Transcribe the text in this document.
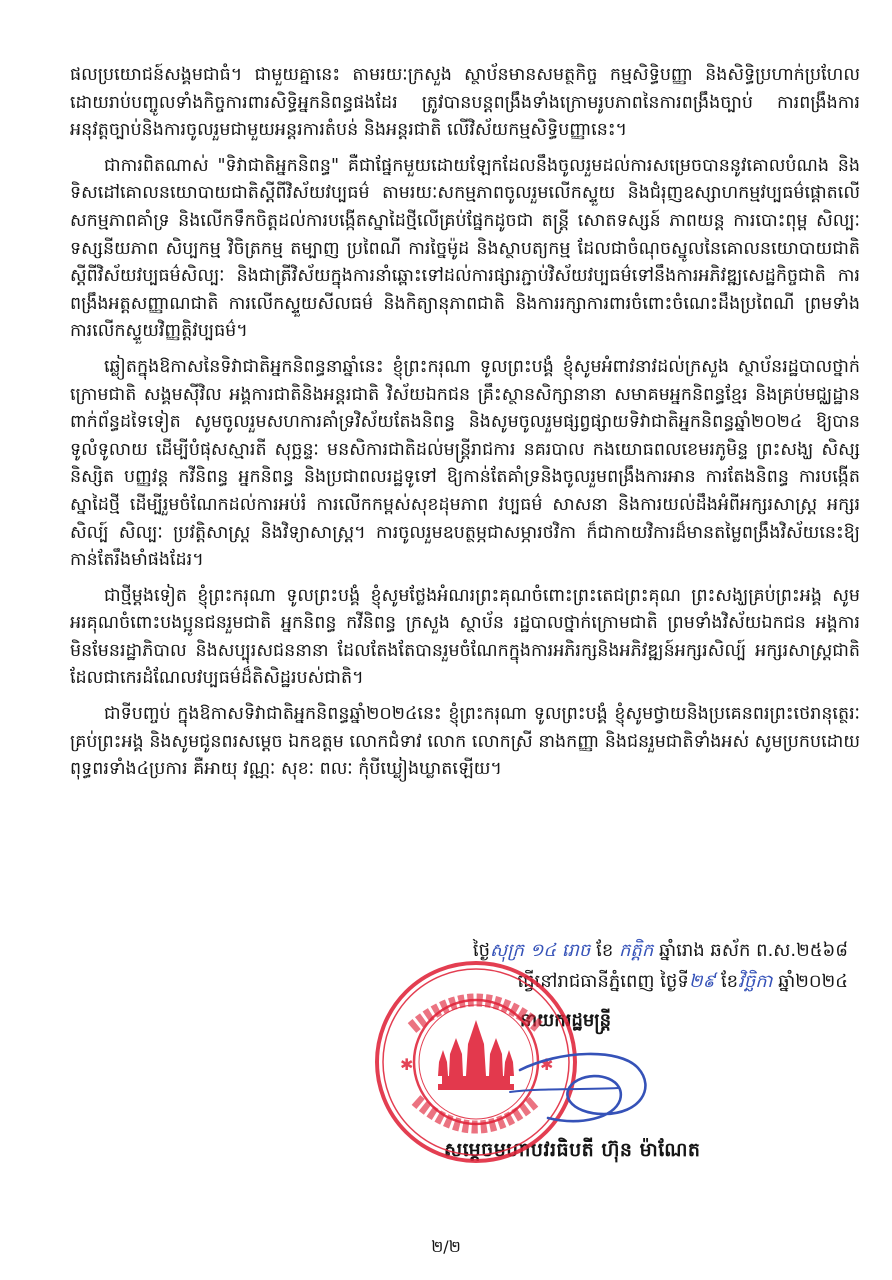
ផលប្រយោជន៍សង្គមជាធំ។ ជាមួយគ្នានេះ តាមរយៈក្រសួង ស្ថាប័នមានសមត្ថកិច្ច កម្មសិទ្ធិបញ្ញា និងសិទ្ធិប្រហាក់ប្រហែល ដោយរាប់បញ្ចូលទាំងកិច្ចការពារសិទ្ធិអ្នកនិពន្ធផងដែរ ត្រូវបានបន្តពង្រឹងទាំងក្រោមរូបភាពនៃការពង្រឹងច្បាប់ ការពង្រឹងការអនុវត្តច្បាប់និងការចូលរួមជាមួយអន្តរការតំបន់ និងអន្តរជាតិ លើវិស័យកម្មសិទ្ធិបញ្ញានេះ។

ជាការពិតណាស់ "ទិវាជាតិអ្នកនិពន្ធ" គឺជាផ្នែកមួយដោយឡែកដែលនឹងចូលរួមដល់ការសម្រេចបាននូវគោលបំណង និងទិសដៅគោលនយោបាយជាតិស្តីពីវិស័យវប្បធម៌ តាមរយៈសកម្មភាពចូលរួមលើកស្ទួយ និងជំរុញឧស្សាហកម្មវប្បធម៌ផ្តោតលើសកម្មភាពគាំទ្រ និងលើកទឹកចិត្តដល់ការបង្កើតស្នាដៃថ្មីលើគ្រប់ផ្នែកដូចជា តន្ត្រី សោតទស្សន៍ ភាពយន្ត ការបោះពុម្ព សិល្បៈទស្សនីយភាព សិប្បកម្ម វិចិត្រកម្ម តម្បាញ ប្រពៃណី ការច្នៃម៉ូដ និងស្ថាបត្យកម្ម ដែលជាចំណុចស្នូលនៃគោលនយោបាយជាតិស្តីពីវិស័យវប្បធម៌សិល្បៈ និងជាត្រីវិស័យក្នុងការនាំឆ្ពោះទៅដល់ការផ្សារភ្ជាប់វិស័យវប្បធម៌ទៅនឹងការអភិវឌ្ឍសេដ្ឋកិច្ចជាតិ ការពង្រឹងអត្តសញ្ញាណជាតិ ការលើកស្ទួយសីលធម៌ និងកិត្យានុភាពជាតិ និងការរក្សាការពារចំពោះចំណេះដឹងប្រពៃណី ព្រមទាំងការលើកស្ទួយវិញ្ញត្តិវប្បធម៌។

ឆ្លៀតក្នុងឱកាសនៃទិវាជាតិអ្នកនិពន្ធនាឆ្នាំនេះ ខ្ញុំព្រះករុណា ទូលព្រះបង្គំ ខ្ញុំសូមអំពាវនាវដល់ក្រសួង ស្ថាប័នរដ្ឋបាលថ្នាក់ក្រោមជាតិ សង្គមស៊ីវិល អង្គការជាតិនិងអន្តរជាតិ វិស័យឯកជន គ្រឹះស្ថានសិក្សានានា សមាគមអ្នកនិពន្ធខ្មែរ និងគ្រប់មជ្ឈដ្ឋានពាក់ព័ន្ធដទៃទៀត សូមចូលរួមសហការគាំទ្រវិស័យតែងនិពន្ធ និងសូមចូលរួមផ្សព្វផ្សាយទិវាជាតិអ្នកនិពន្ធឆ្នាំ២០២៤ ឱ្យបានទូលំទូលាយ ដើម្បីបំផុសស្មារតី សុច្ឆន្ទៈ មនសិការជាតិដល់មន្ត្រីរាជការ នគរបាល កងយោធពលខេមរភូមិន្ទ ព្រះសង្ឃ សិស្ស និស្សិត បញ្ញវន្ត កវីនិពន្ធ អ្នកនិពន្ធ និងប្រជាពលរដ្ឋទូទៅ ឱ្យកាន់តែគាំទ្រនិងចូលរួមពង្រឹងការអាន ការតែងនិពន្ធ ការបង្កើតស្នាដៃថ្មី ដើម្បីរួមចំណែកដល់ការអប់រំ ការលើកកម្ពស់សុខដុមភាព វប្បធម៌ សាសនា និងការយល់ដឹងអំពីអក្សរសាស្ត្រ អក្សរសិល្ប៍ សិល្បៈ ប្រវត្តិសាស្ត្រ និងវិទ្យាសាស្ត្រ។ ការចូលរួមឧបត្ថម្ភជាសម្ភារថវិកា ក៏ជាកាយវិការដ៏មានតម្លៃពង្រឹងវិស័យនេះឱ្យកាន់តែរឹងមាំផងដែរ។

ជាថ្មីម្តងទៀត ខ្ញុំព្រះករុណា ទូលព្រះបង្គំ ខ្ញុំសូមថ្លែងអំណរព្រះគុណចំពោះព្រះតេជព្រះគុណ ព្រះសង្ឃគ្រប់ព្រះអង្គ សូមអរគុណចំពោះបងប្អូនជនរួមជាតិ អ្នកនិពន្ធ កវីនិពន្ធ ក្រសួង ស្ថាប័ន រដ្ឋបាលថ្នាក់ក្រោមជាតិ ព្រមទាំងវិស័យឯកជន អង្គការមិនមែនរដ្ឋាភិបាល និងសប្បុរសជននានា ដែលតែងតែបានរួមចំណែកក្នុងការអភិរក្សនិងអភិវឌ្ឍន៍អក្សរសិល្ប៍ អក្សរសាស្ត្រជាតិ ដែលជាកេរដំណែលវប្បធម៌ដ៏តិសិដ្ឋរបស់ជាតិ។

ជាទីបញ្ចប់ ក្នុងឱកាសទិវាជាតិអ្នកនិពន្ធឆ្នាំ២០២៤នេះ ខ្ញុំព្រះករុណា ទូលព្រះបង្គំ ខ្ញុំសូមថ្វាយនិងប្រគេនពរព្រះថេរានុត្ថេរៈគ្រប់ព្រះអង្គ និងសូមជូនពរសម្តេច ឯកឧត្តម លោកជំទាវ លោក លោកស្រី នាងកញ្ញា និងជនរួមជាតិទាំងអស់ សូមប្រកបដោយពុទ្ធពរទាំង៤ប្រការ គឺអាយុ វណ្ណៈ សុខៈ ពលៈ កុំបីឃ្លៀងឃ្លាតឡើយ។

ថ្ងៃសុក្រ ១៤ រោច ខែ កត្តិក ឆ្នាំរោង ឆស័ក ព.ស.២៥៦៨
ធ្វើនៅរាជធានីភ្នំពេញ ថ្ងៃទី២៩ ខែវិច្ឆិកា ឆ្នាំ២០២៤
នាយករដ្ឋមន្ត្រី
✱	✱
សម្តេចមហាបវរធិបតី ហ៊ុន ម៉ាណែត
២/២
